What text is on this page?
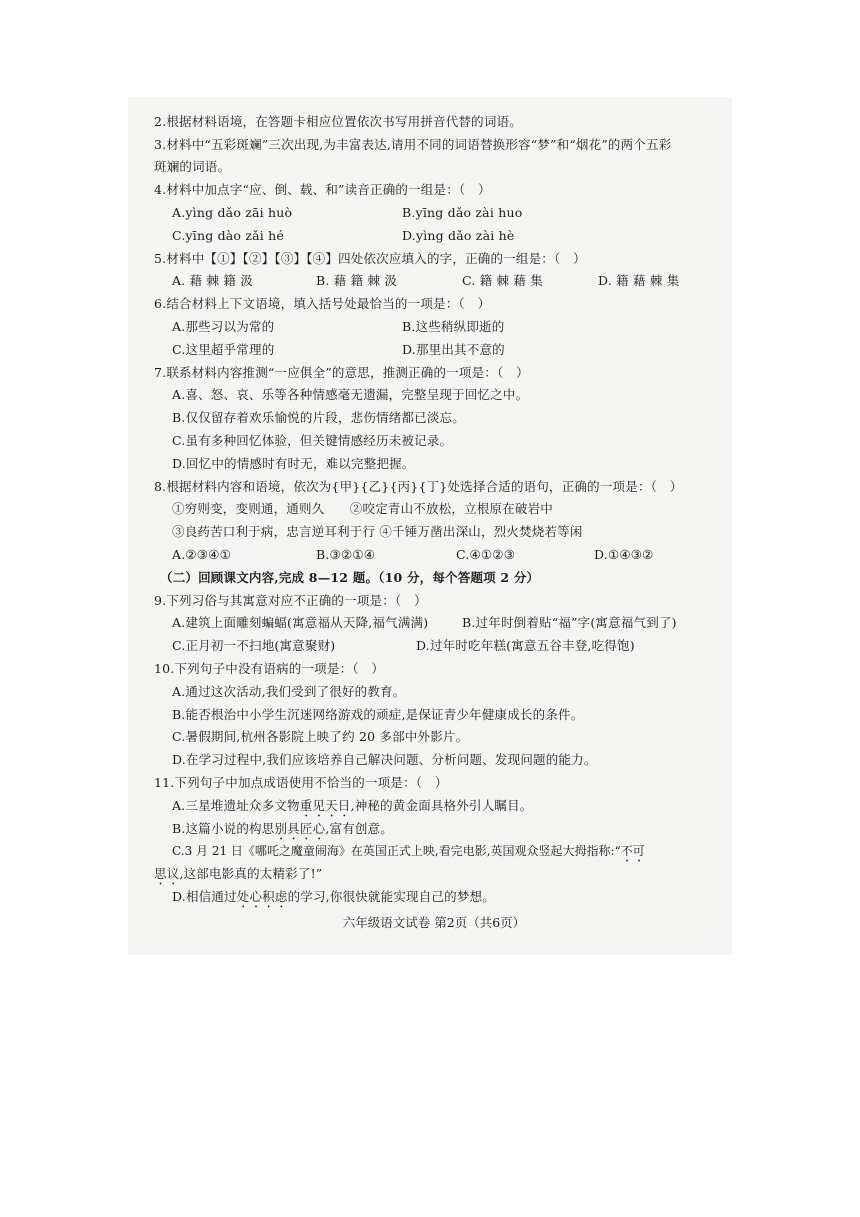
2.根据材料语境，在答题卡相应位置依次书写用拼音代替的词语。
3.材料中“五彩斑斓”三次出现,为丰富表达,请用不同的词语替换形容“梦”和“烟花”的两个五彩
斑斓的词语。
4.材料中加点字“应、倒、载、和”读音正确的一组是：（　）
A.yìng dǎo zāi huò	B.yīng dǎo zài huo
C.yīng dào zǎi hé	D.yìng dǎo zài hè
5.材料中【①】【②】【③】【④】四处依次应填入的字，正确的一组是：（　）
A. 藉 棘 籍 汲	B. 藉 籍 棘 汲	C. 籍 棘 藉 集	D. 籍 藉 棘 集
6.结合材料上下文语境，填入括号处最恰当的一项是：（　）
A.那些习以为常的	B.这些稍纵即逝的
C.这里超乎常理的	D.那里出其不意的
7.联系材料内容推测“一应俱全”的意思，推测正确的一项是：（　）
A.喜、怒、哀、乐等各种情感毫无遗漏，完整呈现于回忆之中。
B.仅仅留存着欢乐愉悦的片段，悲伤情绪都已淡忘。
C.虽有多种回忆体验，但关键情感经历未被记录。
D.回忆中的情感时有时无，难以完整把握。
8.根据材料内容和语境，依次为{甲}{乙}{丙}{丁}处选择合适的语句，正确的一项是：（　）
①穷则变，变则通，通则久　　②咬定青山不放松，立根原在破岩中
③良药苦口利于病，忠言逆耳利于行 ④千锤万凿出深山，烈火焚烧若等闲
A.②③④①	B.③②①④	C.④①②③	D.①④③②
（二）回顾课文内容,完成 8—12 题。（10 分，每个答题项 2 分）
9.下列习俗与其寓意对应不正确的一项是：（　）
A.建筑上面雕刻蝙蝠(寓意福从天降,福气满满)	B.过年时倒着贴“福”字(寓意福气到了)
C.正月初一不扫地(寓意聚财)	D.过年时吃年糕(寓意五谷丰登,吃得饱)
10.下列句子中没有语病的一项是：（　）
A.通过这次活动,我们受到了很好的教育。
B.能否根治中小学生沉迷网络游戏的顽症,是保证青少年健康成长的条件。
C.暑假期间,杭州各影院上映了约 20 多部中外影片。
D.在学习过程中,我们应该培养自己解决问题、分析问题、发现问题的能力。
11.下列句子中加点成语使用不恰当的一项是：（　）
A.三星堆遗址众多文物重见天日,神秘的黄金面具格外引人瞩目。
B.这篇小说的构思别具匠心,富有创意。
C.3 月 21 日《哪吒之魔童闹海》在英国正式上映,看完电影,英国观众竖起大拇指称:“不可
思议,这部电影真的太精彩了!”
D.相信通过处心积虑的学习,你很快就能实现自己的梦想。
六年级语文试卷 第2页（共6页）
